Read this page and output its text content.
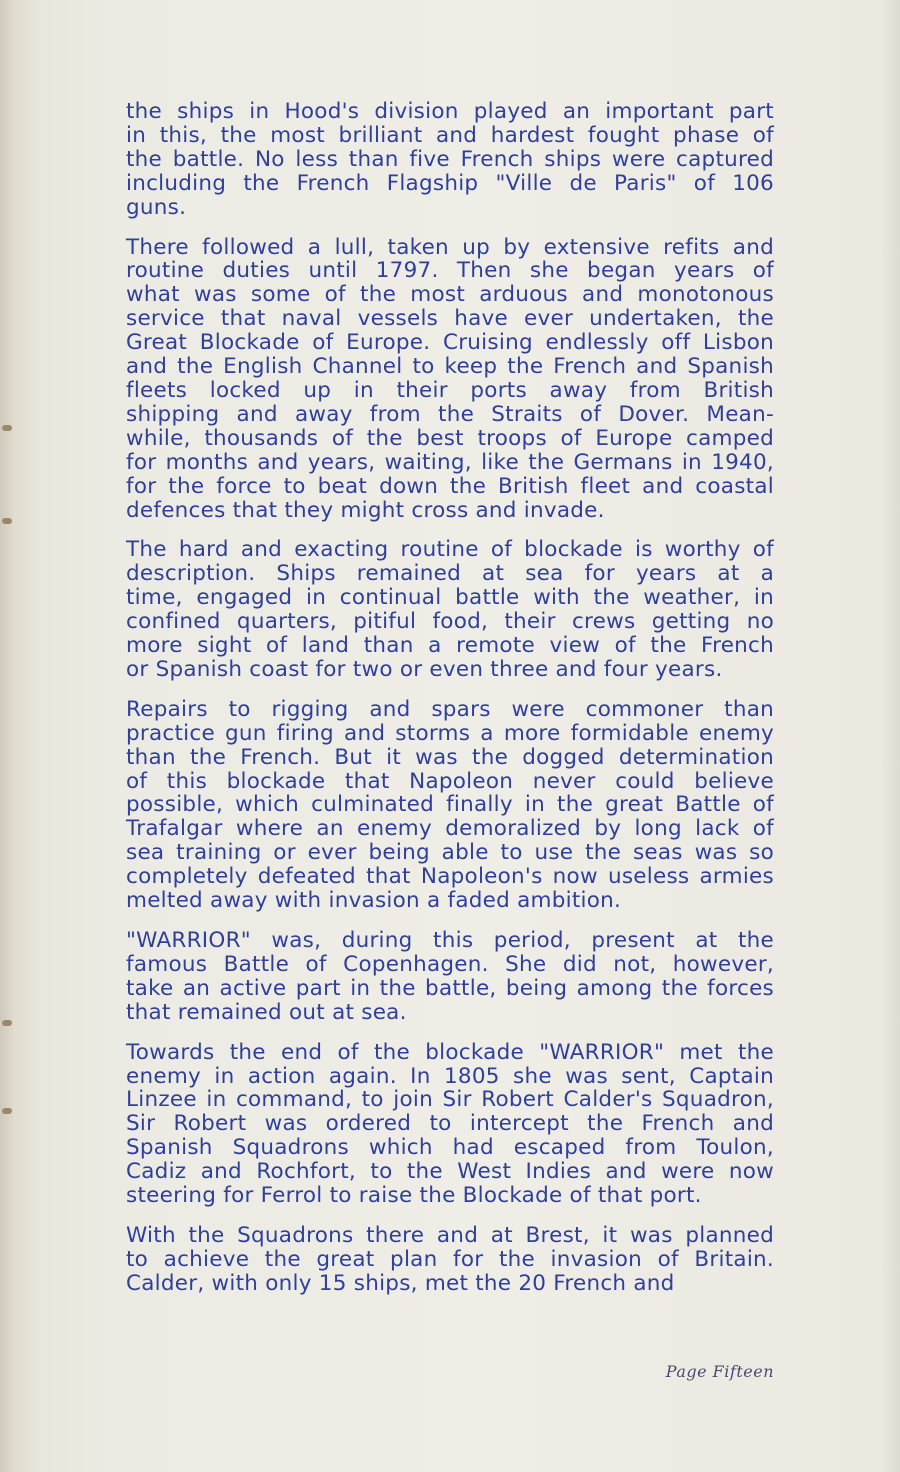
the ships in Hood's division played an important part
in this, the most brilliant and hardest fought phase of
the battle. No less than five French ships were captured
including the French Flagship "Ville de Paris" of 106
guns.
There followed a lull, taken up by extensive refits and
routine duties until 1797. Then she began years of
what was some of the most arduous and monotonous
service that naval vessels have ever undertaken, the
Great Blockade of Europe. Cruising endlessly off Lisbon
and the English Channel to keep the French and Spanish
fleets locked up in their ports away from British
shipping and away from the Straits of Dover. Mean-
while, thousands of the best troops of Europe camped
for months and years, waiting, like the Germans in 1940,
for the force to beat down the British fleet and coastal
defences that they might cross and invade.
The hard and exacting routine of blockade is worthy of
description. Ships remained at sea for years at a
time, engaged in continual battle with the weather, in
confined quarters, pitiful food, their crews getting no
more sight of land than a remote view of the French
or Spanish coast for two or even three and four years.
Repairs to rigging and spars were commoner than
practice gun firing and storms a more formidable enemy
than the French. But it was the dogged determination
of this blockade that Napoleon never could believe
possible, which culminated finally in the great Battle of
Trafalgar where an enemy demoralized by long lack of
sea training or ever being able to use the seas was so
completely defeated that Napoleon's now useless armies
melted away with invasion a faded ambition.
"WARRIOR" was, during this period, present at the
famous Battle of Copenhagen. She did not, however,
take an active part in the battle, being among the forces
that remained out at sea.
Towards the end of the blockade "WARRIOR" met the
enemy in action again. In 1805 she was sent, Captain
Linzee in command, to join Sir Robert Calder's Squadron,
Sir Robert was ordered to intercept the French and
Spanish Squadrons which had escaped from Toulon,
Cadiz and Rochfort, to the West Indies and were now
steering for Ferrol to raise the Blockade of that port.
With the Squadrons there and at Brest, it was planned
to achieve the great plan for the invasion of Britain.
Calder, with only 15 ships, met the 20 French and
Page Fifteen
